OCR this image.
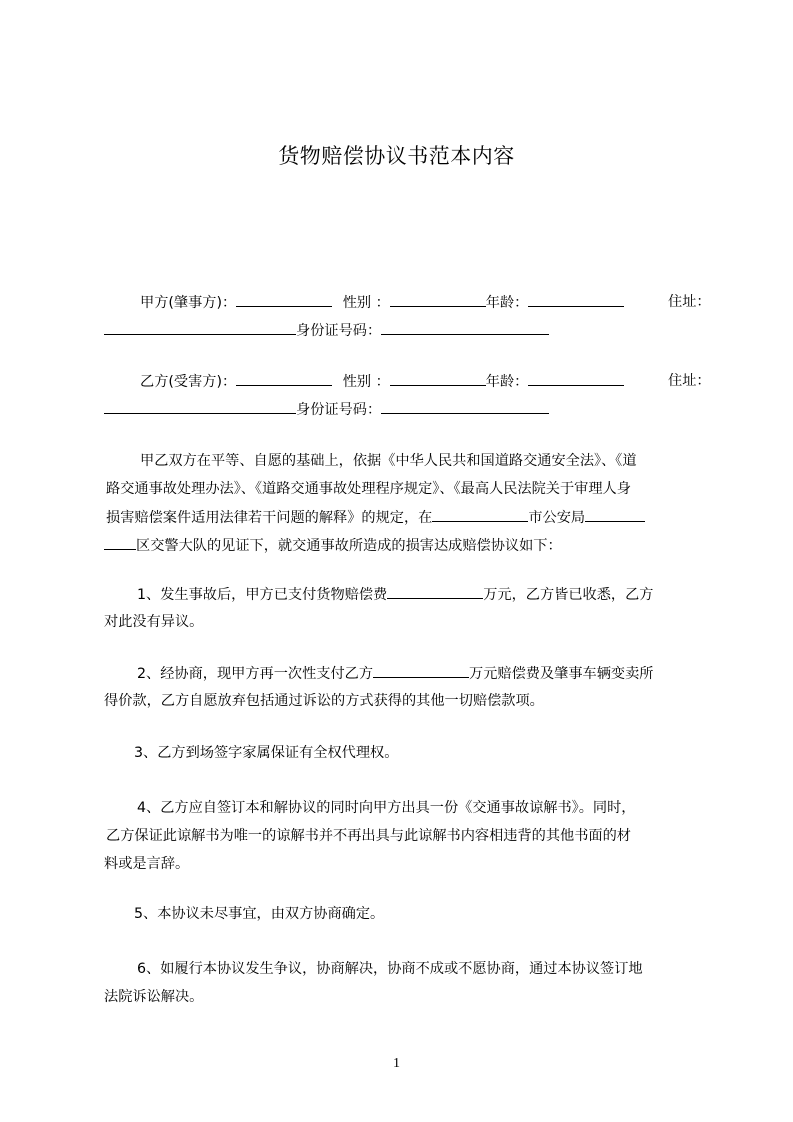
货物赔偿协议书范本内容
甲方(肇事方)：	性别 ：	年龄：	住址：
身份证号码：
乙方(受害方)：	性别 ：	年龄：	住址：
身份证号码：
甲乙双方在平等、自愿的基础上，依据《中华人民共和国道路交通安全法》、《道
路交通事故处理办法》、《道路交通事故处理程序规定》、《最高人民法院关于审理人身
损害赔偿案件适用法律若干问题的解释》的规定，在	市公安局
区交警大队的见证下，就交通事故所造成的损害达成赔偿协议如下：
1、发生事故后，甲方已支付货物赔偿费	万元，乙方皆已收悉，乙方
对此没有异议。
2、经协商，现甲方再一次性支付乙方	万元赔偿费及肇事车辆变卖所
得价款，乙方自愿放弃包括通过诉讼的方式获得的其他一切赔偿款项。
3、乙方到场签字家属保证有全权代理权。
4、乙方应自签订本和解协议的同时向甲方出具一份《交通事故谅解书》。同时，
乙方保证此谅解书为唯一的谅解书并不再出具与此谅解书内容相违背的其他书面的材
料或是言辞。
5、本协议未尽事宜，由双方协商确定。
6、如履行本协议发生争议，协商解决，协商不成或不愿协商，通过本协议签订地
法院诉讼解决。
1
